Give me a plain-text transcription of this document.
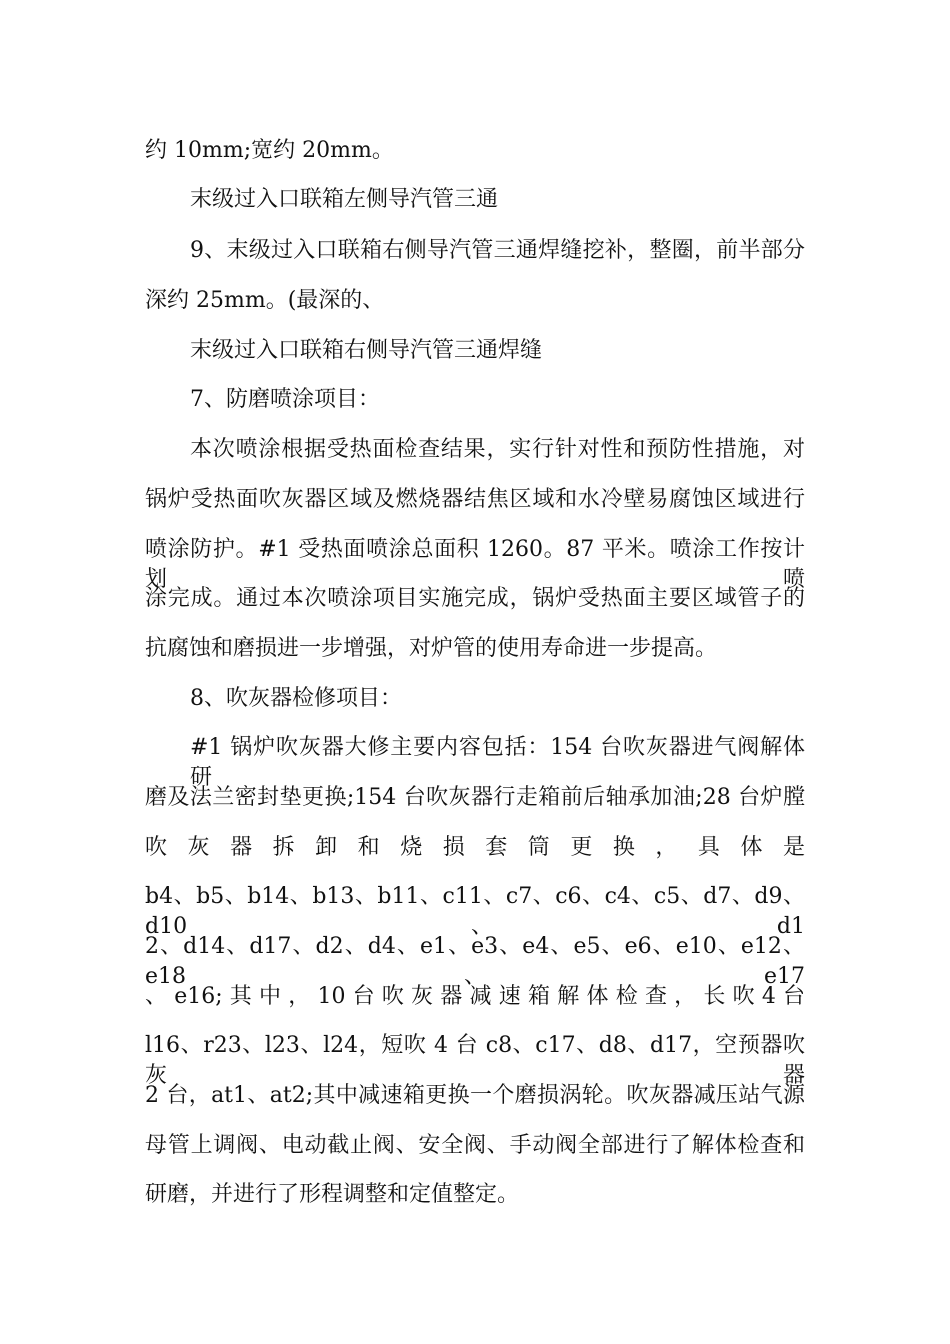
约 10mm;宽约 20mm。
末级过入口联箱左侧导汽管三通
9、末级过入口联箱右侧导汽管三通焊缝挖补，整圈，前半部分
深约 25mm。(最深的、
末级过入口联箱右侧导汽管三通焊缝
7、防磨喷涂项目：
本次喷涂根据受热面检查结果，实行针对性和预防性措施，对
锅炉受热面吹灰器区域及燃烧器结焦区域和水冷壁易腐蚀区域进行
喷涂防护。#1 受热面喷涂总面积 1260。87 平米。喷涂工作按计划喷
涂完成。通过本次喷涂项目实施完成，锅炉受热面主要区域管子的
抗腐蚀和磨损进一步增强，对炉管的使用寿命进一步提高。
8、吹灰器检修项目：
#1 锅炉吹灰器大修主要内容包括：154 台吹灰器进气阀解体研
磨及法兰密封垫更换;154 台吹灰器行走箱前后轴承加油;28 台炉膛
吹 灰 器 拆 卸 和 烧 损 套 筒 更 换 ， 具 体 是
b4、b5、b14、b13、b11、c11、c7、c6、c4、c5、d7、d9、d10、d1
2、d14、d17、d2、d4、e1、e3、e4、e5、e6、e10、e12、e18、e17
、 e16; 其 中 ， 10 台 吹 灰 器 减 速 箱 解 体 检 查 ， 长 吹 4 台
l16、r23、l23、l24，短吹 4 台 c8、c17、d8、d17，空预器吹灰器
2 台，at1、at2;其中减速箱更换一个磨损涡轮。吹灰器减压站气源
母管上调阀、电动截止阀、安全阀、手动阀全部进行了解体检查和
研磨，并进行了形程调整和定值整定。
